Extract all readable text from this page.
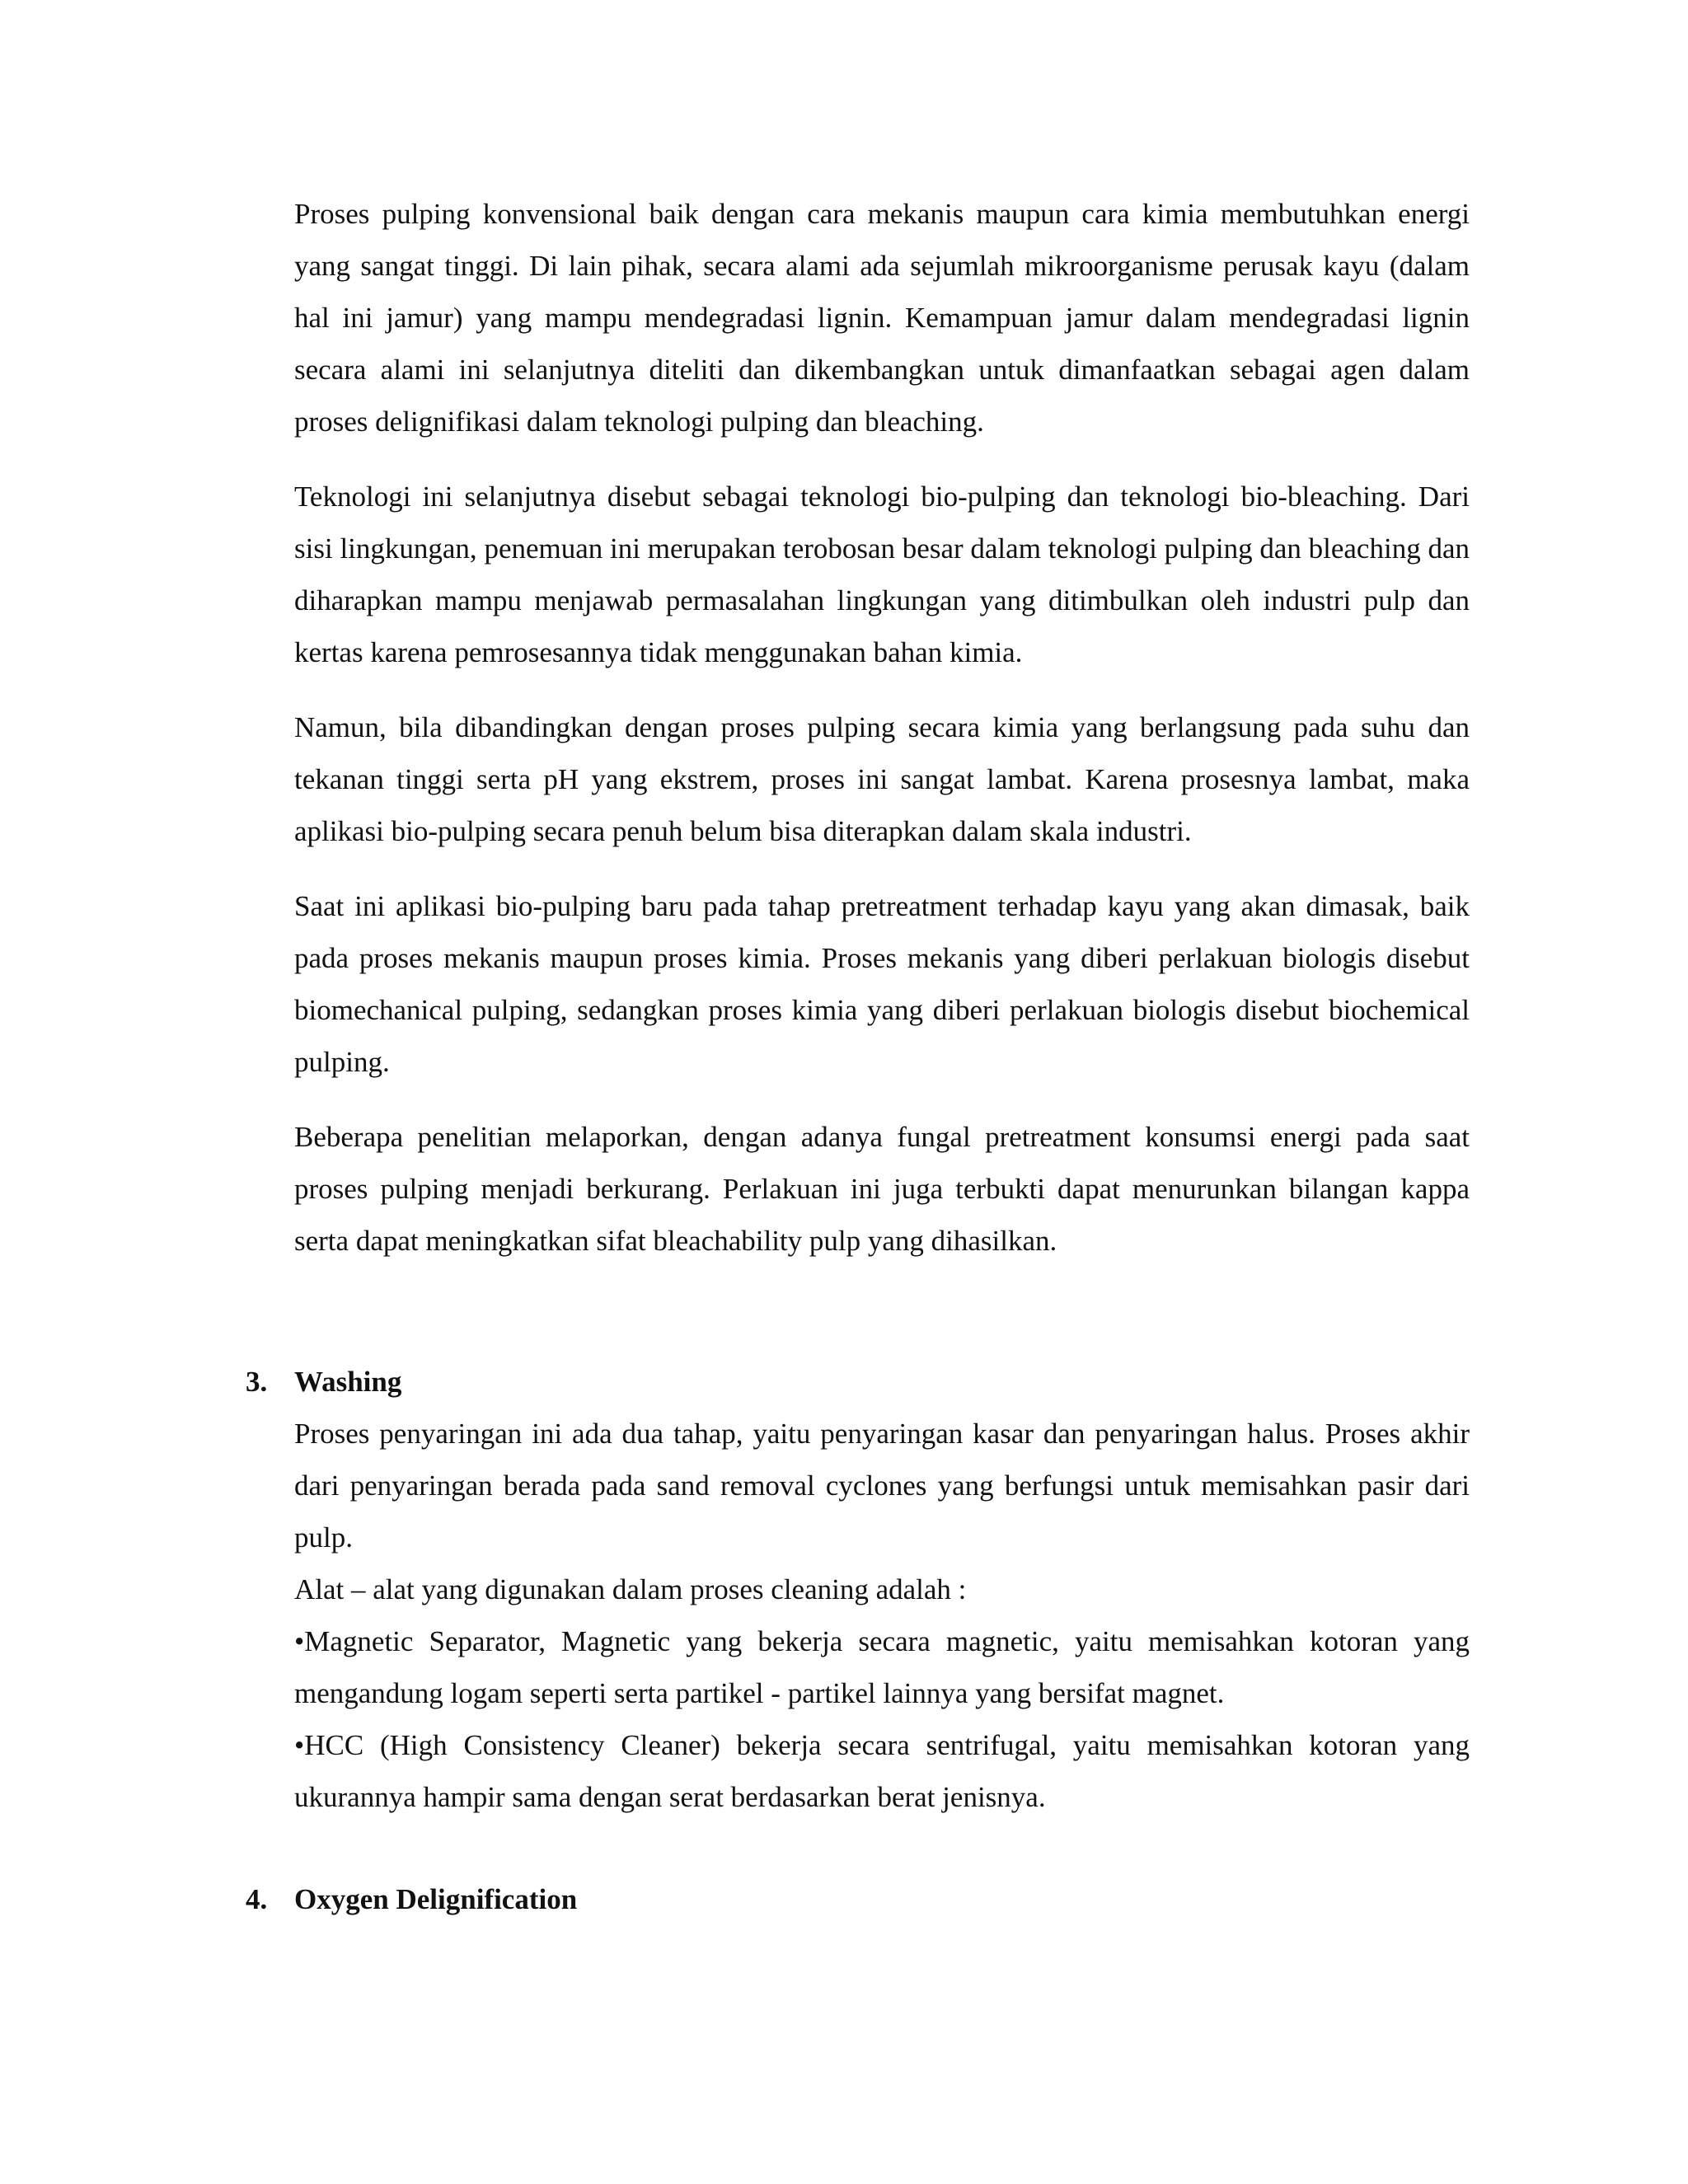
Proses pulping konvensional baik dengan cara mekanis maupun cara kimia membutuhkan energi yang sangat tinggi. Di lain pihak, secara alami ada sejumlah mikroorganisme perusak kayu (dalam hal ini jamur) yang mampu mendegradasi lignin. Kemampuan jamur dalam mendegradasi lignin secara alami ini selanjutnya diteliti dan dikembangkan untuk dimanfaatkan sebagai agen dalam proses delignifikasi dalam teknologi pulping dan bleaching.

Teknologi ini selanjutnya disebut sebagai teknologi bio-pulping dan teknologi bio-bleaching. Dari sisi lingkungan, penemuan ini merupakan terobosan besar dalam teknologi pulping dan bleaching dan diharapkan mampu menjawab permasalahan lingkungan yang ditimbulkan oleh industri pulp dan kertas karena pemrosesannya tidak menggunakan bahan kimia.

Namun, bila dibandingkan dengan proses pulping secara kimia yang berlangsung pada suhu dan tekanan tinggi serta pH yang ekstrem, proses ini sangat lambat. Karena prosesnya lambat, maka aplikasi bio-pulping secara penuh belum bisa diterapkan dalam skala industri.

Saat ini aplikasi bio-pulping baru pada tahap pretreatment terhadap kayu yang akan dimasak, baik pada proses mekanis maupun proses kimia. Proses mekanis yang diberi perlakuan biologis disebut biomechanical pulping, sedangkan proses kimia yang diberi perlakuan biologis disebut biochemical pulping.

Beberapa penelitian melaporkan, dengan adanya fungal pretreatment konsumsi energi pada saat proses pulping menjadi berkurang. Perlakuan ini juga terbukti dapat menurunkan bilangan kappa serta dapat meningkatkan sifat bleachability pulp yang dihasilkan.

3. Washing

Proses penyaringan ini ada dua tahap, yaitu penyaringan kasar dan penyaringan halus. Proses akhir dari penyaringan berada pada sand removal cyclones yang berfungsi untuk memisahkan pasir dari pulp.

Alat – alat yang digunakan dalam proses cleaning adalah :

•Magnetic Separator, Magnetic yang bekerja secara magnetic, yaitu memisahkan kotoran yang mengandung logam seperti serta partikel - partikel lainnya yang bersifat magnet.

•HCC (High Consistency Cleaner) bekerja secara sentrifugal, yaitu memisahkan kotoran yang ukurannya hampir sama dengan serat berdasarkan berat jenisnya.

4. Oxygen Delignification
